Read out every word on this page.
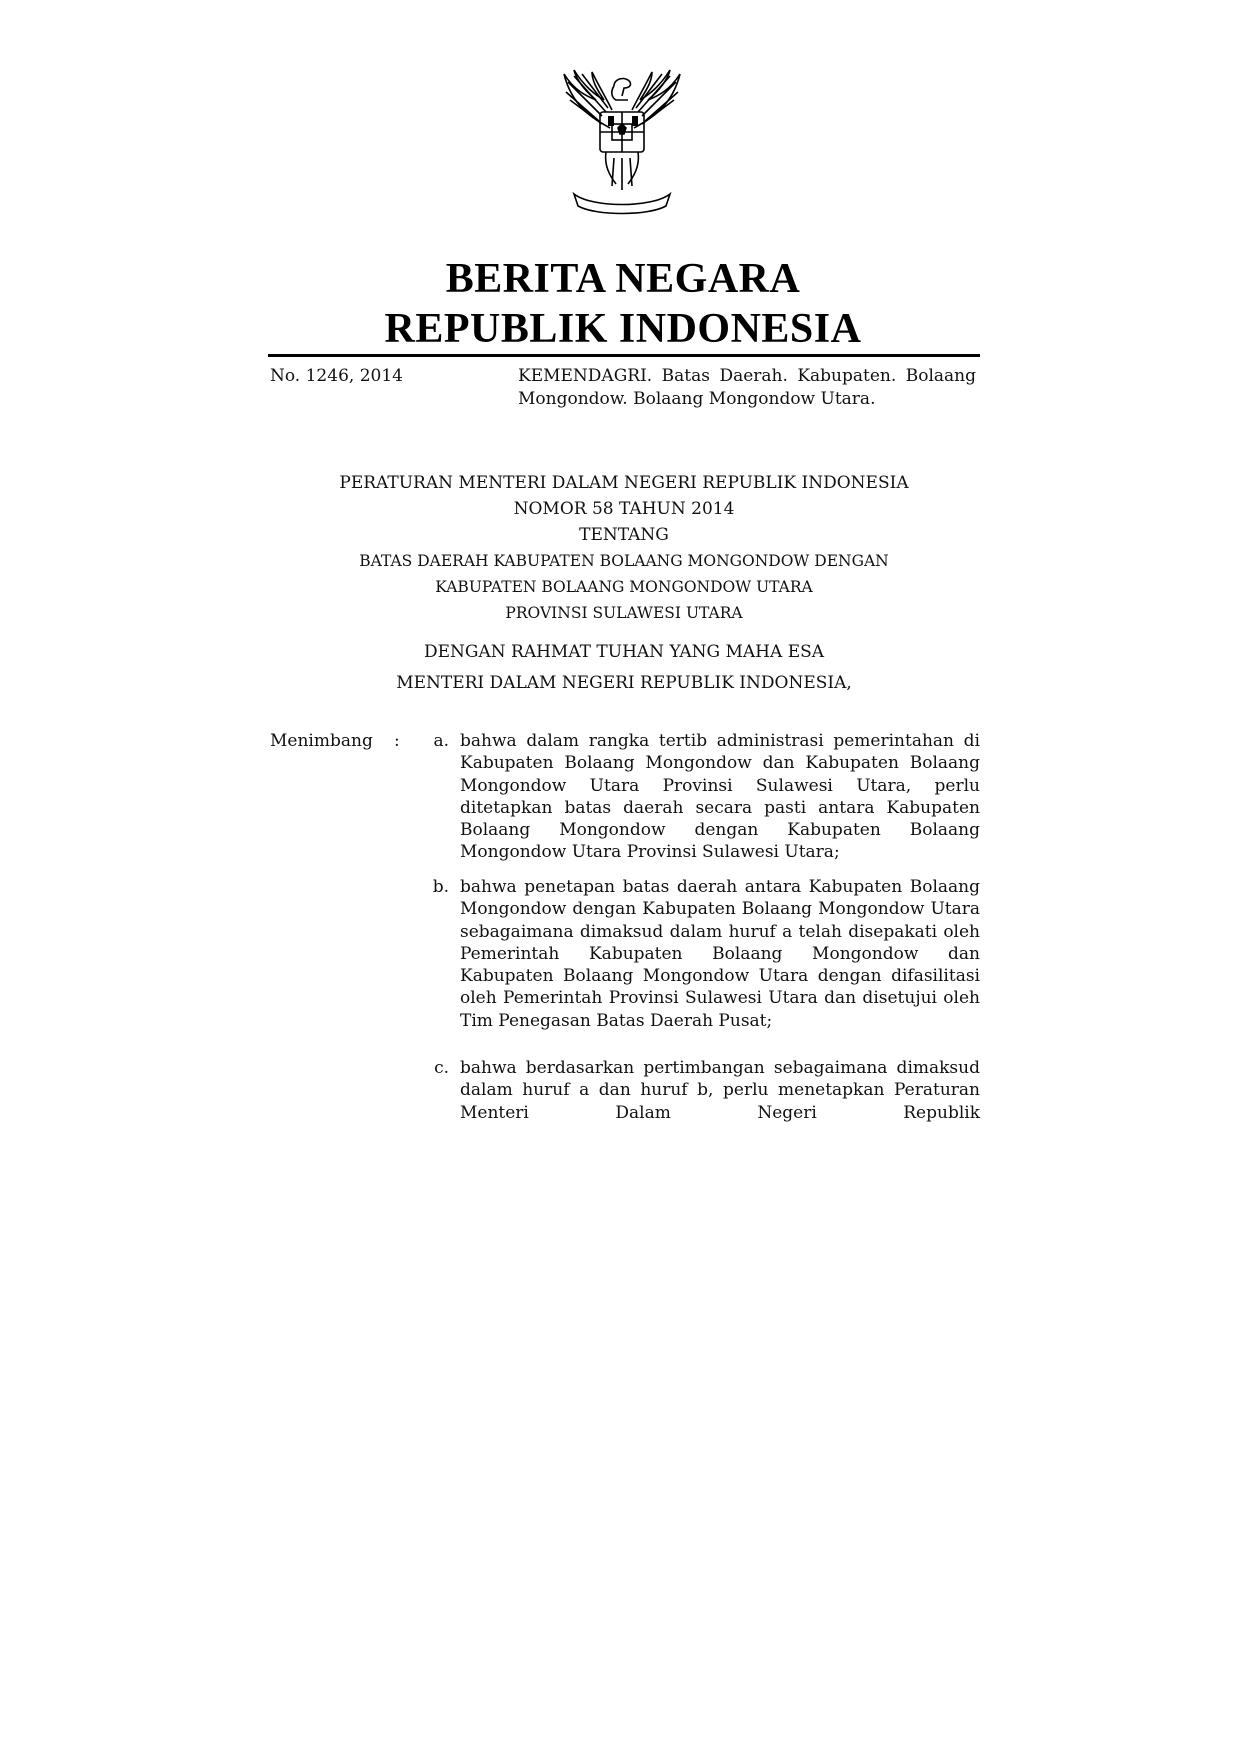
BERITA NEGARA
REPUBLIK INDONESIA
No. 1246, 2014	KEMENDAGRI. Batas Daerah. Kabupaten. Bolaang Mongondow. Bolaang Mongondow Utara.
PERATURAN MENTERI DALAM NEGERI REPUBLIK INDONESIA
NOMOR 58 TAHUN 2014
TENTANG
BATAS DAERAH KABUPATEN BOLAANG MONGONDOW DENGAN
KABUPATEN BOLAANG MONGONDOW UTARA
PROVINSI SULAWESI UTARA
DENGAN RAHMAT TUHAN YANG MAHA ESA
MENTERI DALAM NEGERI REPUBLIK INDONESIA,
Menimbang :	a. bahwa dalam rangka tertib administrasi pemerintahan di Kabupaten Bolaang Mongondow dan Kabupaten Bolaang Mongondow Utara Provinsi Sulawesi Utara, perlu ditetapkan batas daerah secara pasti antara Kabupaten Bolaang Mongondow dengan Kabupaten Bolaang Mongondow Utara Provinsi Sulawesi Utara;
b. bahwa penetapan batas daerah antara Kabupaten Bolaang Mongondow dengan Kabupaten Bolaang Mongondow Utara sebagaimana dimaksud dalam huruf a telah disepakati oleh Pemerintah Kabupaten Bolaang Mongondow dan Kabupaten Bolaang Mongondow Utara dengan difasilitasi oleh Pemerintah Provinsi Sulawesi Utara dan disetujui oleh Tim Penegasan Batas Daerah Pusat;
c. bahwa berdasarkan pertimbangan sebagaimana dimaksud dalam huruf a dan huruf b, perlu menetapkan Peraturan Menteri Dalam Negeri Republik
